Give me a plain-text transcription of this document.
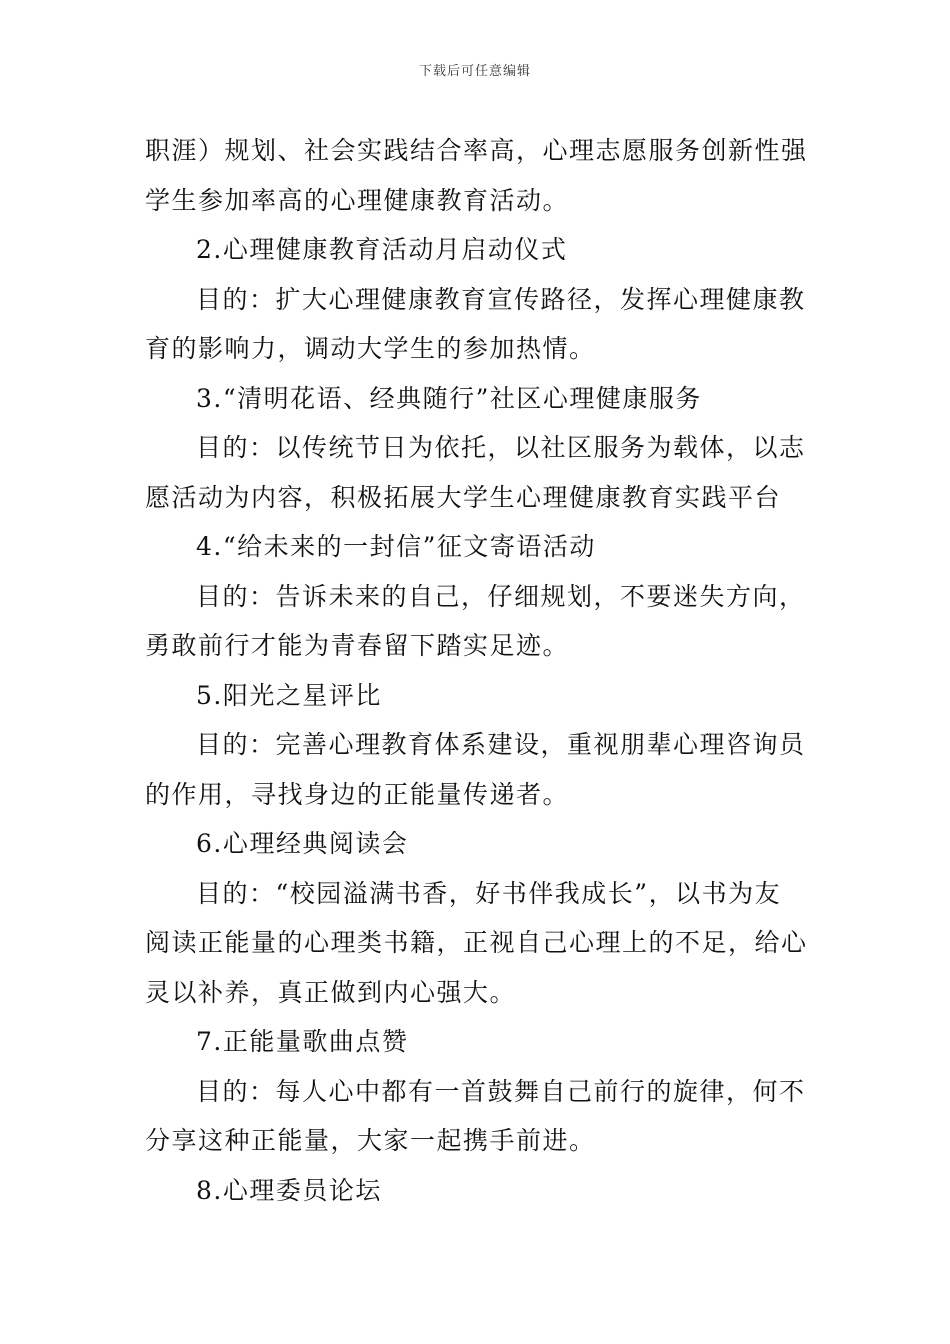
下载后可任意编辑
职涯）规划、社会实践结合率高，心理志愿服务创新性强
学生参加率高的心理健康教育活动。
2.心理健康教育活动月启动仪式
目的：扩大心理健康教育宣传路径，发挥心理健康教
育的影响力，调动大学生的参加热情。
3.“清明花语、经典随行”社区心理健康服务
目的：以传统节日为依托，以社区服务为载体，以志
愿活动为内容，积极拓展大学生心理健康教育实践平台
4.“给未来的一封信”征文寄语活动
目的：告诉未来的自己，仔细规划，不要迷失方向，
勇敢前行才能为青春留下踏实足迹。
5.阳光之星评比
目的：完善心理教育体系建设，重视朋辈心理咨询员
的作用，寻找身边的正能量传递者。
6.心理经典阅读会
目的：“校园溢满书香，好书伴我成长”，以书为友
阅读正能量的心理类书籍，正视自己心理上的不足，给心
灵以补养，真正做到内心强大。
7.正能量歌曲点赞
目的：每人心中都有一首鼓舞自己前行的旋律，何不
分享这种正能量，大家一起携手前进。
8.心理委员论坛
